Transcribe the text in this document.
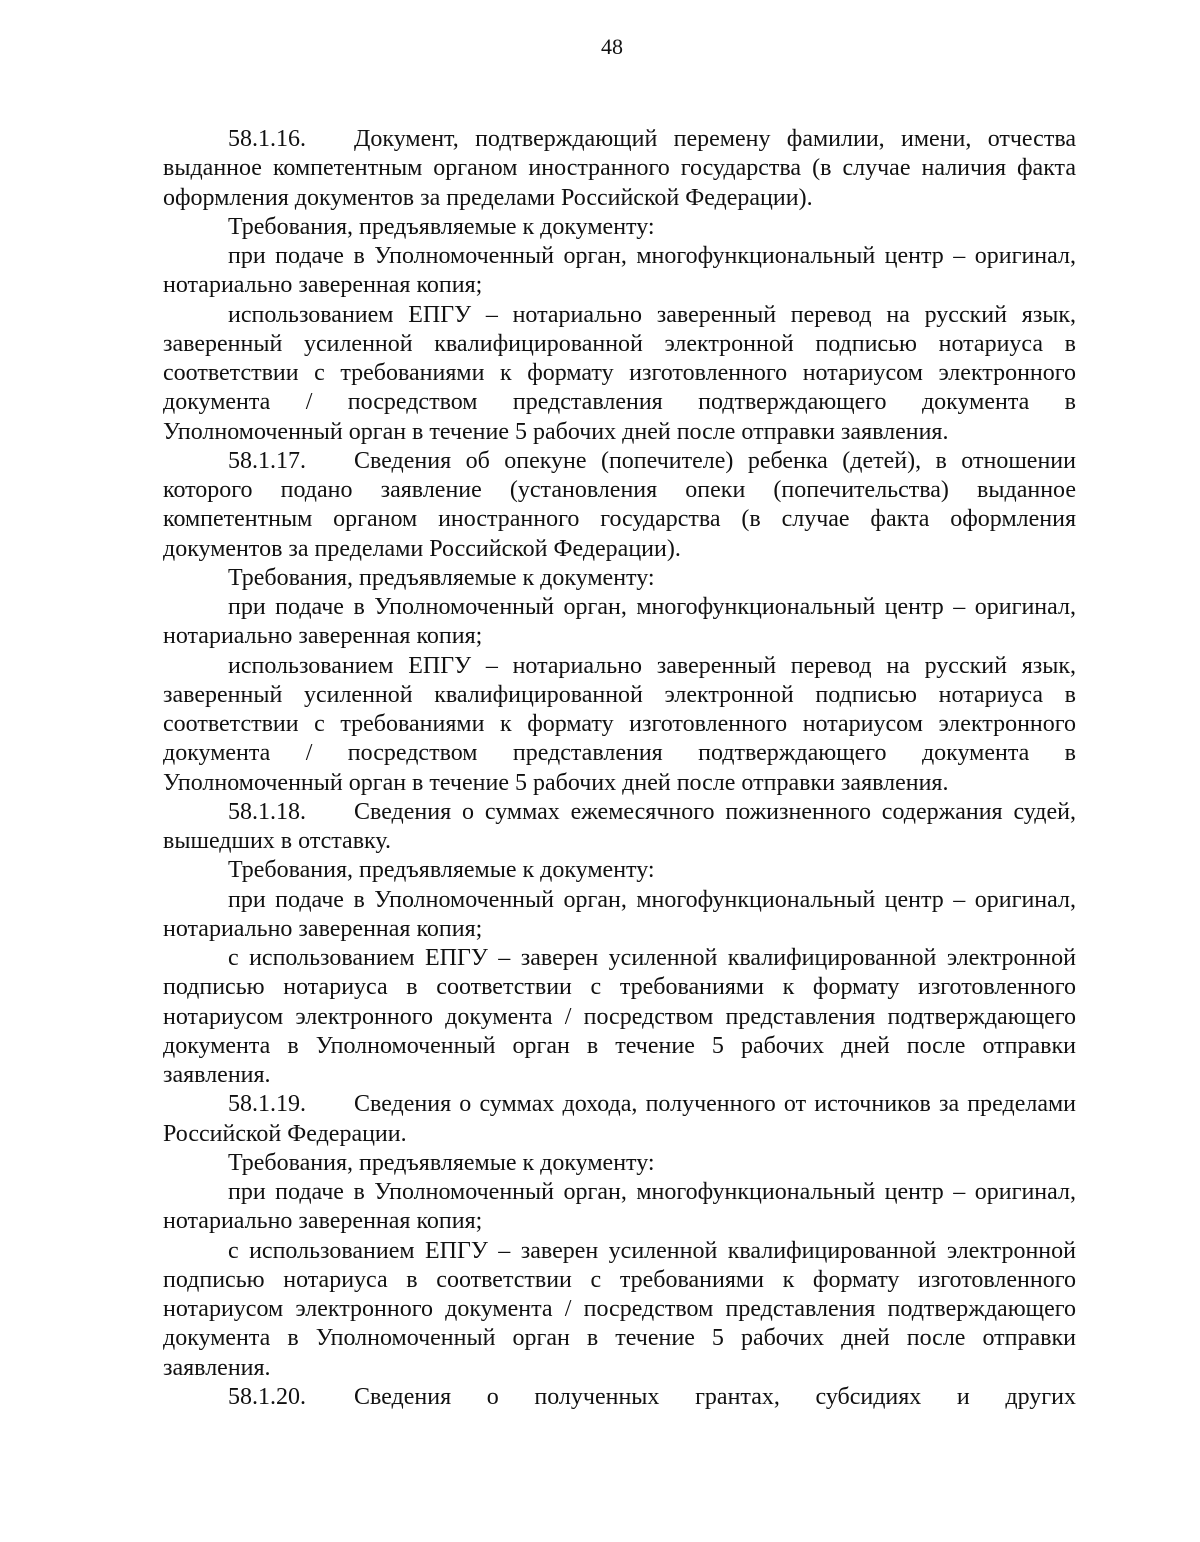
48

58.1.16. Документ, подтверждающий перемену фамилии, имени, отчества выданное компетентным органом иностранного государства (в случае наличия факта оформления документов за пределами Российской Федерации).

Требования, предъявляемые к документу:

при подаче в Уполномоченный орган, многофункциональный центр – оригинал, нотариально заверенная копия;

использованием ЕПГУ – нотариально заверенный перевод на русский язык, заверенный усиленной квалифицированной электронной подписью нотариуса в соответствии с требованиями к формату изготовленного нотариусом электронного документа / посредством представления подтверждающего документа в Уполномоченный орган в течение 5 рабочих дней после отправки заявления.

58.1.17. Сведения об опекуне (попечителе) ребенка (детей), в отношении которого подано заявление (установления опеки (попечительства) выданное компетентным органом иностранного государства (в случае факта оформления документов за пределами Российской Федерации).

Требования, предъявляемые к документу:

при подаче в Уполномоченный орган, многофункциональный центр – оригинал, нотариально заверенная копия;

использованием ЕПГУ – нотариально заверенный перевод на русский язык, заверенный усиленной квалифицированной электронной подписью нотариуса в соответствии с требованиями к формату изготовленного нотариусом электронного документа / посредством представления подтверждающего документа в Уполномоченный орган в течение 5 рабочих дней после отправки заявления.

58.1.18. Сведения о суммах ежемесячного пожизненного содержания судей, вышедших в отставку.

Требования, предъявляемые к документу:

при подаче в Уполномоченный орган, многофункциональный центр – оригинал, нотариально заверенная копия;

с использованием ЕПГУ – заверен усиленной квалифицированной электронной подписью нотариуса в соответствии с требованиями к формату изготовленного нотариусом электронного документа / посредством представления подтверждающего документа в Уполномоченный орган в течение 5 рабочих дней после отправки заявления.

58.1.19. Сведения о суммах дохода, полученного от источников за пределами Российской Федерации.

Требования, предъявляемые к документу:

при подаче в Уполномоченный орган, многофункциональный центр – оригинал, нотариально заверенная копия;

с использованием ЕПГУ – заверен усиленной квалифицированной электронной подписью нотариуса в соответствии с требованиями к формату изготовленного нотариусом электронного документа / посредством представления подтверждающего документа в Уполномоченный орган в течение 5 рабочих дней после отправки заявления.

58.1.20. Сведения о полученных грантах, субсидиях и других
